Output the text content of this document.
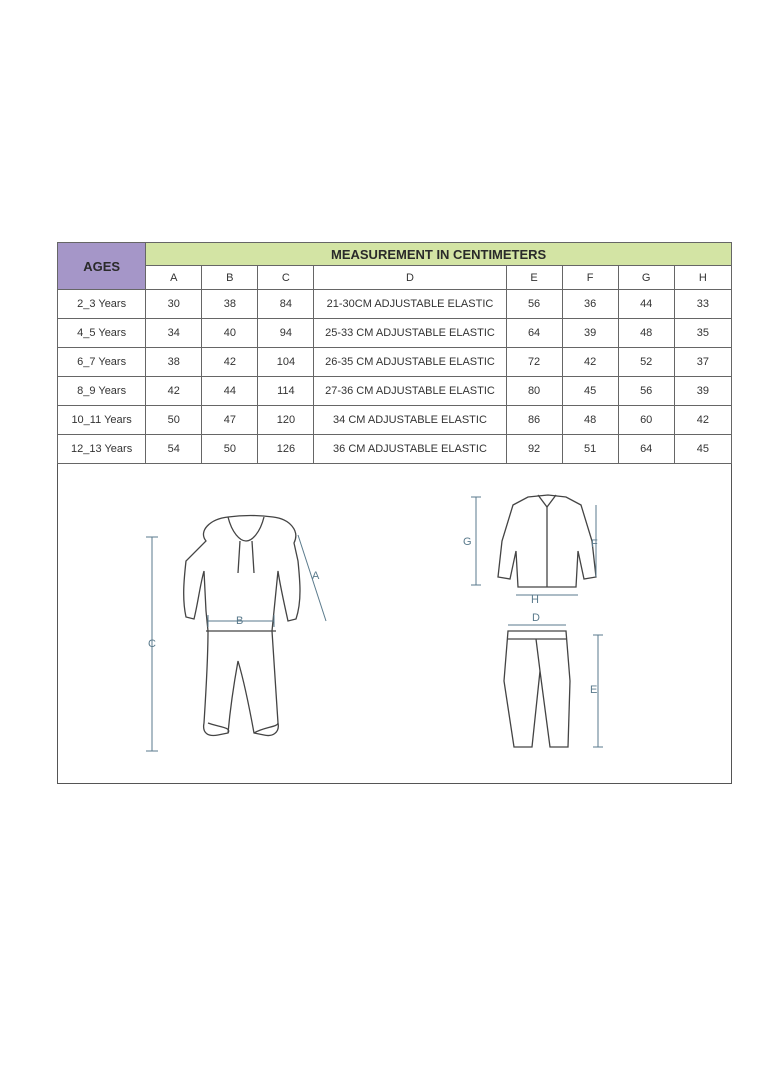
AGES	MEASUREMENT IN CENTIMETERS							
	A	B	C	D	E	F	G	H
2_3 Years	30	38	84	21-30CM ADJUSTABLE ELASTIC	56	36	44	33
4_5 Years	34	40	94	25-33 CM ADJUSTABLE ELASTIC	64	39	48	35
6_7 Years	38	42	104	26-35 CM ADJUSTABLE ELASTIC	72	42	52	37
8_9 Years	42	44	114	27-36 CM ADJUSTABLE ELASTIC	80	45	56	39
10_11 Years	50	47	120	34 CM ADJUSTABLE ELASTIC	86	48	60	42
12_13 Years	54	50	126	36 CM ADJUSTABLE ELASTIC	92	51	64	45
C
B
A
G
H
F
D
E
